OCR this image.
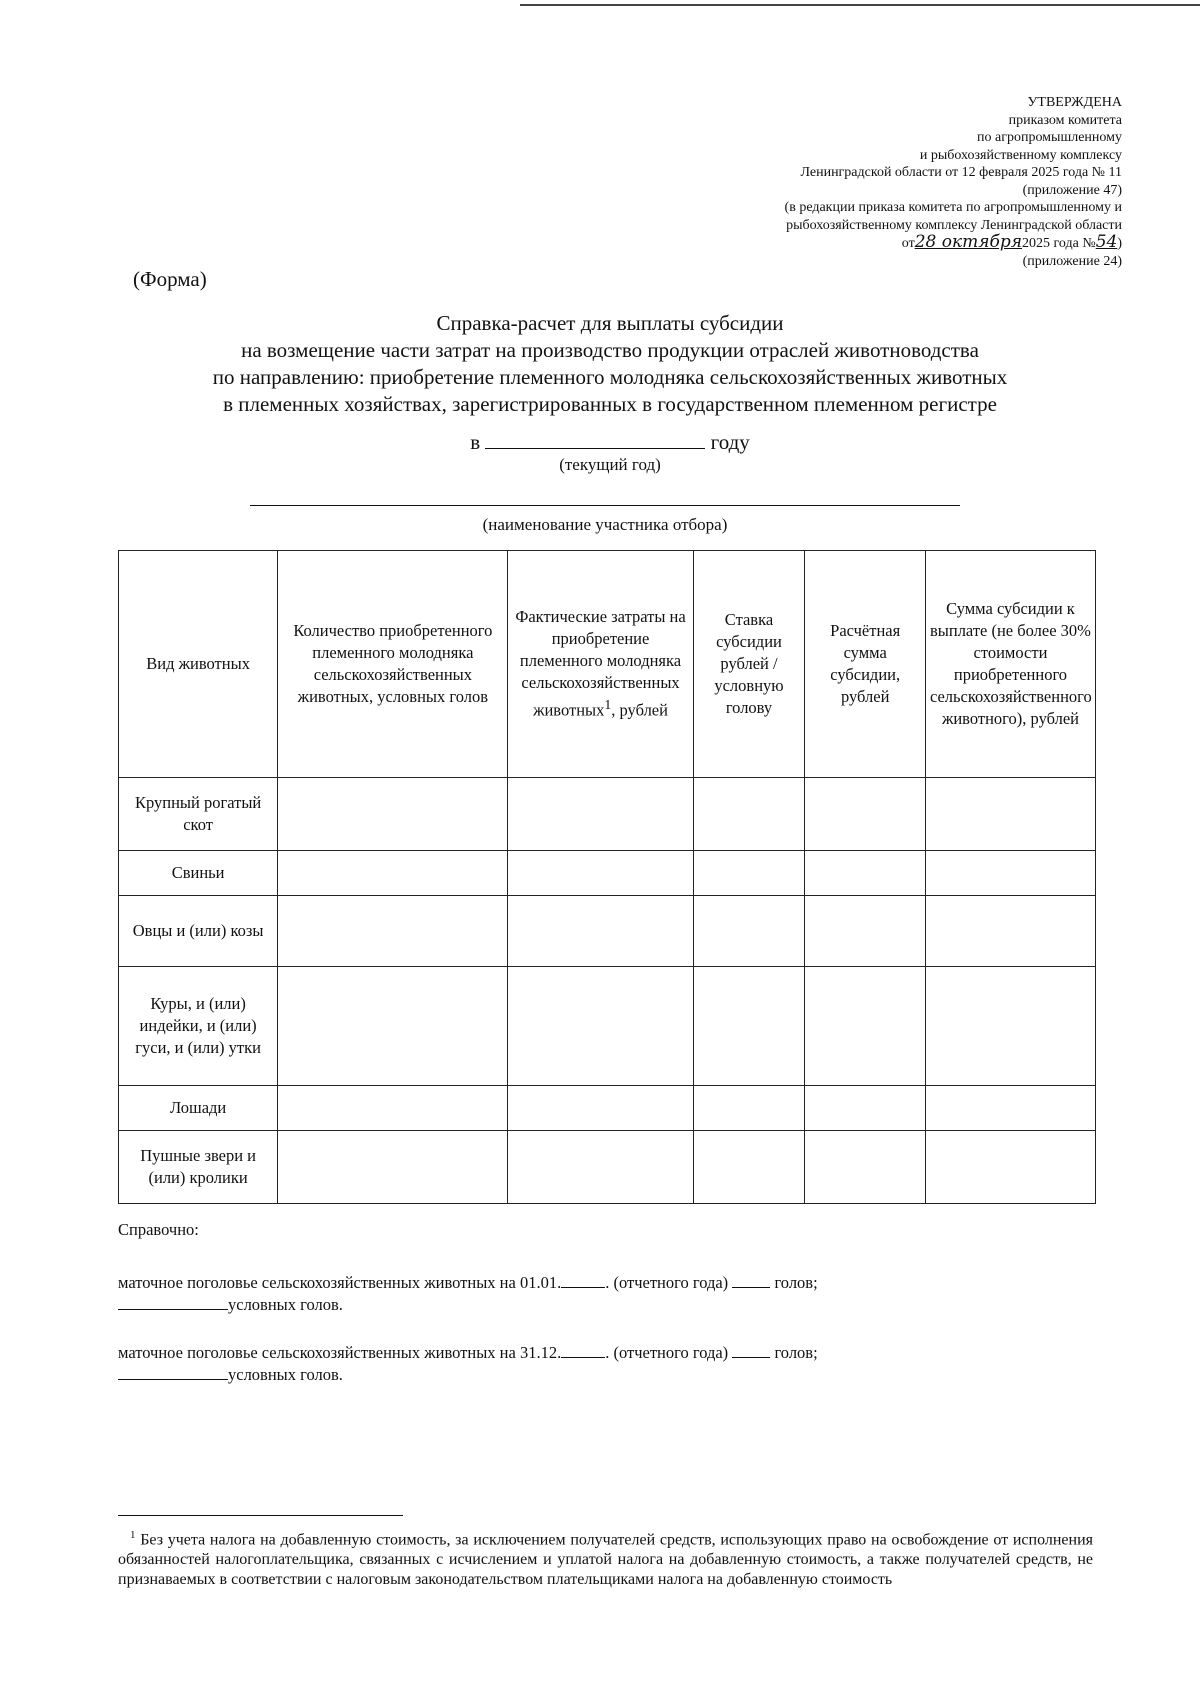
УТВЕРЖДЕНА
приказом комитета
по агропромышленному
и рыбохозяйственному комплексу
Ленинградской области от 12 февраля 2025 года № 11
(приложение 47)
(в редакции приказа комитета по агропромышленному и
рыбохозяйственному комплексу Ленинградской области
от28 октября2025 года №54)
(приложение 24)
(Форма)
Справка-расчет для выплаты субсидии
на возмещение части затрат на производство продукции отраслей животноводства
по направлению: приобретение племенного молодняка сельскохозяйственных животных
в племенных хозяйствах, зарегистрированных в государственном племенном регистре
в	году
(текущий год)
(наименование участника отбора)
Вид животных	Количество приобретенного племенного молодняка сельскохозяйственных животных, условных голов	Фактические затраты на приобретение племенного молодняка сельскохозяйственных животных$^1$, рублей	Ставка субсидии рублей / условную голову	Расчётная сумма субсидии, рублей	Сумма субсидии к выплате (не более 30% стоимости приобретенного сельскохозяйственного животного), рублей
Крупный рогатый скот					
Свиньи					
Овцы и (или) козы					
Куры, и (или) индейки, и (или) гуси, и (или) утки					
Лошади					
Пушные звери и (или) кролики					
Справочно:
маточное поголовье сельскохозяйственных животных на 01.01.	. (отчетного года)	голов;
условных голов.
маточное поголовье сельскохозяйственных животных на 31.12.	. (отчетного года)	голов;
условных голов.
$^1$ Без учета налога на добавленную стоимость, за исключением получателей средств, использующих право на освобождение от исполнения обязанностей налогоплательщика, связанных с исчислением и уплатой налога на добавленную стоимость, а также получателей средств, не признаваемых в соответствии с налоговым законодательством плательщиками налога на добавленную стоимость
